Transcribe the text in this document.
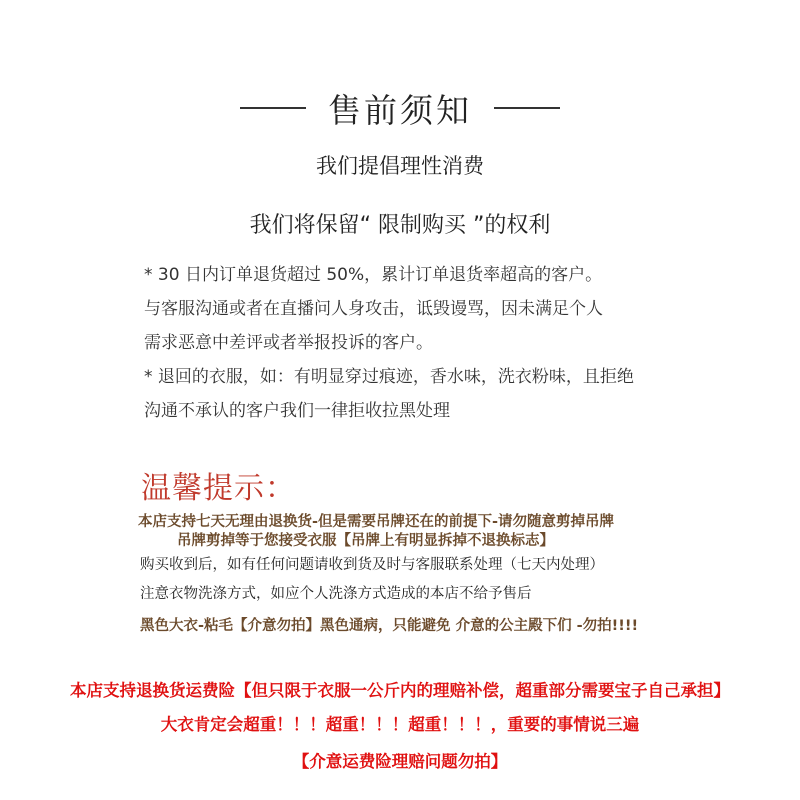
售前须知
我们提倡理性消费
我们将保留“ 限制购买 ”的权利
* 30 日内订单退货超过 50%，累计订单退货率超高的客户。
与客服沟通或者在直播问人身攻击，诋毁谩骂，因未满足个人
需求恶意中差评或者举报投诉的客户。
* 退回的衣服，如：有明显穿过痕迹，香水味，洗衣粉味，且拒绝
沟通不承认的客户我们一律拒收拉黑处理
温馨提示：
本店支持七天无理由退换货-但是需要吊牌还在的前提下-请勿随意剪掉吊牌
吊牌剪掉等于您接受衣服【吊牌上有明显拆掉不退换标志】
购买收到后，如有任何问题请收到货及时与客服联系处理（七天内处理）
注意衣物洗涤方式，如应个人洗涤方式造成的本店不给予售后
黑色大衣-粘毛【介意勿拍】黑色通病，只能避免 介意的公主殿下们 -勿拍!!!!
本店支持退换货运费险【但只限于衣服一公斤内的理赔补偿，超重部分需要宝子自己承担】
大衣肯定会超重！！！超重！！！超重！！！，重要的事情说三遍
【介意运费险理赔问题勿拍】
